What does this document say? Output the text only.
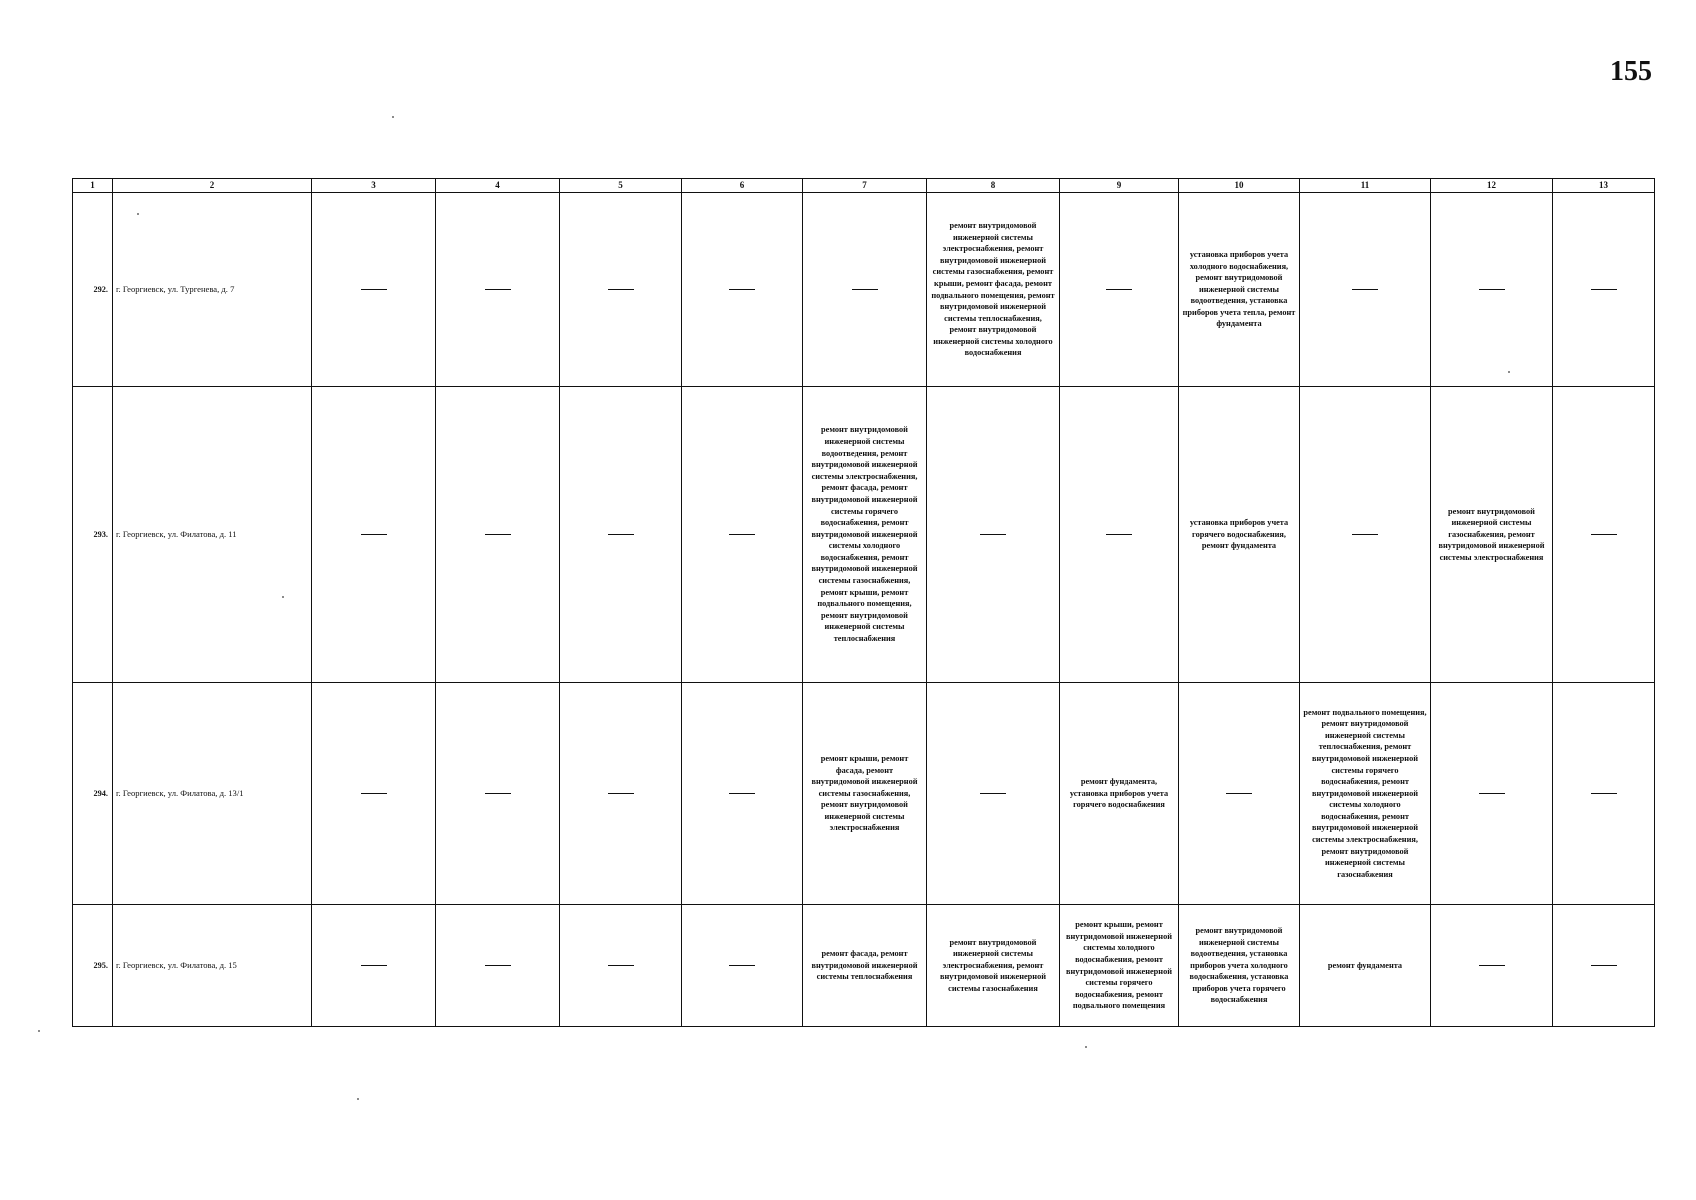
155
1	2	3	4	5	6	7	8	9	10	11	12	13
292.	г. Георгиевск, ул. Тургенева, д. 7						ремонт внутридомовой инженерной системы электроснабжения, ремонт внутридомовой инженерной системы газоснабжения, ремонт крыши, ремонт фасада, ремонт подвального помещения, ремонт внутридомовой инженерной системы теплоснабжения, ремонт внутридомовой инженерной системы холодного водоснабжения		установка приборов учета холодного водоснабжения, ремонт внутридомовой инженерной системы водоотведения, установка приборов учета тепла, ремонт фундамента			

293.	г. Георгиевск, ул. Филатова, д. 11					ремонт внутридомовой инженерной системы водоотведения, ремонт внутридомовой инженерной системы электроснабжения, ремонт фасада, ремонт внутридомовой инженерной системы горячего водоснабжения, ремонт внутридомовой инженерной системы холодного водоснабжения, ремонт внутридомовой инженерной системы газоснабжения, ремонт крыши, ремонт подвального помещения, ремонт внутридомовой инженерной системы теплоснабжения			установка приборов учета горячего водоснабжения, ремонт фундамента		ремонт внутридомовой инженерной системы газоснабжения, ремонт внутридомовой инженерной системы электроснабжения	

294.	г. Георгиевск, ул. Филатова, д. 13/1					ремонт крыши, ремонт фасада, ремонт внутридомовой инженерной системы газоснабжения, ремонт внутридомовой инженерной системы электроснабжения		ремонт фундамента, установка приборов учета горячего водоснабжения		ремонт подвального помещения, ремонт внутридомовой инженерной системы теплоснабжения, ремонт внутридомовой инженерной системы горячего водоснабжения, ремонт внутридомовой инженерной системы холодного водоснабжения, ремонт внутридомовой инженерной системы электроснабжения, ремонт внутридомовой инженерной системы газоснабжения		

295.	г. Георгиевск, ул. Филатова, д. 15					ремонт фасада, ремонт внутридомовой инженерной системы теплоснабжения	ремонт внутридомовой инженерной системы электроснабжения, ремонт внутридомовой инженерной системы газоснабжения	ремонт крыши, ремонт внутридомовой инженерной системы холодного водоснабжения, ремонт внутридомовой инженерной системы горячего водоснабжения, ремонт подвального помещения	ремонт внутридомовой инженерной системы водоотведения, установка приборов учета холодного водоснабжения, установка приборов учета горячего водоснабжения	ремонт фундамента		
